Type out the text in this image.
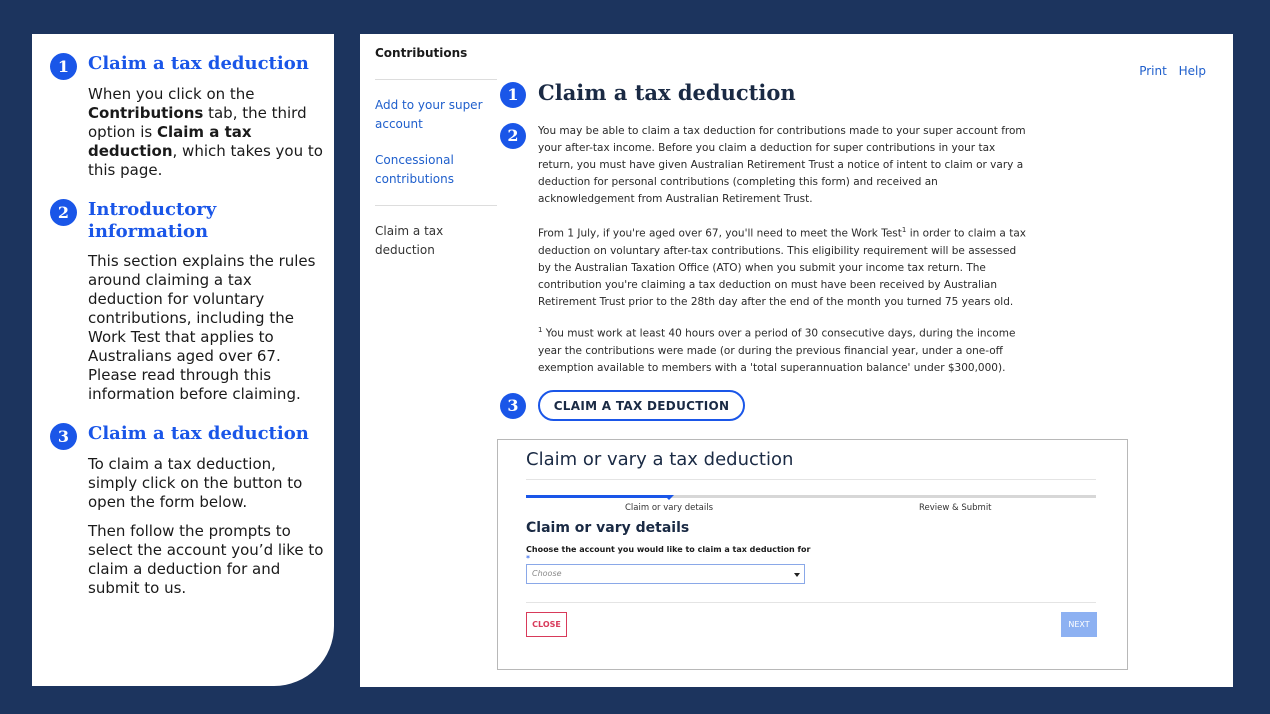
1	Claim a tax deduction
When you click on the Contributions tab, the third option is Claim a tax deduction, which takes you to this page.
2	Introductory information
This section explains the rules around claiming a tax deduction for voluntary contributions, including the Work Test that applies to Australians aged over 67. Please read through this information before claiming.
3	Claim a tax deduction

To claim a tax deduction, simply click on the button to open the form below.

Then follow the prompts to select the account you’d like to claim a deduction for and submit to us.

Contributions
Add to your super account
Concessional contributions
Claim a tax deduction
Print Help
1 Claim a tax deduction
2	You may be able to claim a tax deduction for contributions made to your super account from your after-tax income. Before you claim a deduction for super contributions in your tax return, you must have given Australian Retirement Trust a notice of intent to claim or vary a deduction for personal contributions (completing this form) and received an acknowledgement from Australian Retirement Trust.
From 1 July, if you're aged over 67, you'll need to meet the Work Test$^1$ in order to claim a tax deduction on voluntary after-tax contributions. This eligibility requirement will be assessed by the Australian Taxation Office (ATO) when you submit your income tax return. The contribution you're claiming a tax deduction on must have been received by Australian Retirement Trust prior to the 28th day after the end of the month you turned 75 years old.
$^1$ You must work at least 40 hours over a period of 30 consecutive days, during the income year the contributions were made (or during the previous financial year, under a one-off exemption available to members with a 'total superannuation balance' under $300,000).
3	CLAIM A TAX DEDUCTION
Claim or vary a tax deduction
Claim or vary details	Review & Submit
Claim or vary details
Choose the account you would like to claim a tax deduction for
*
Choose
CLOSE	NEXT
